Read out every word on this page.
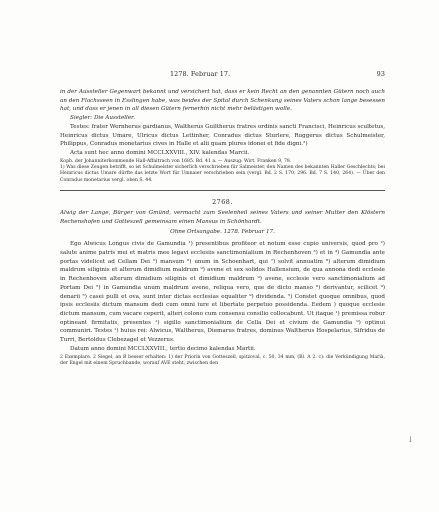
1278. Februar 17.	93

in der Aussteller Gegenwart bekannt und versichert hat, dass er kein Recht an den genannten Gütern noch auch an den Flachsseen in Esslingen habe, was beides der Spital durch Schenkung seines Vaters schon lange besessen hat, und dass er jenen in all diesen Gütern fernerhin nicht mehr belästigen wolle.

Siegler: Die Aussteller.

Testes: frater Wernherus gardianus, Waltherus Guiltherus fratres ordinis sancti Francisci, Heinricus scultetus, Heinricus dictus Umare, Ulricus dictus Lettinher, Conradus dictus Sturlere, Ruggerus dictus Schulmeister, Philippus, Conradus monetarius cives in Halle et alii quam plures idonei et fide digni.²)

Acta sunt hec anno domini MCCLXXVIII., XIV. kalendas Marcii.

Kopb. der Johanniterkommende Hall-Affaltrach von 1685. Bd. 41 a. — Auszug: Wirt. Franken 9, 78.

1) Was diese Zeugen betrifft, so ist Schulmeister sicherlich verschrieben für Salmeister, den Namen des bekannten Haller Geschlechts; bei Heinricus dictus Umare dürfte das letzte Wort für Umnaier verschrieben sein (vergl. Bd. 2 S. 170, 296. Bd. 7 S. 140, 264). — Über den Conradus monetarius vergl. oben S. 44.

2768.

Alwig der Lange, Bürger von Gmünd, vermacht zum Seelenheil seines Vaters und seiner Mutter den Klöstern Rechenshofen und Gotteszell gemeinsam einen Mansus in Schönhardt.

Ohne Ortsangabe. 1278. Februar 17.

Ego Alwicus Longus civis de Gamundia ¹) presentibus profiteor et notum esse cupio universis, quod pro ²) salute anime patris mei et matris mee legavi ecclesiis sanctimonialium in Rechenhoven ³) et in ⁴) Gamundia ante portas videlicet ad Cellam Dei ⁵) mansum ⁶) unum in Schoenhart, qui ⁷) solvit annuatim ⁸) alterum dimidium maldrum siliginis et alterum dimidium maldrum ⁹) avene et sex solidos Hallensium, de qua annona dedi ecclesie in Rechenhoven alterum dimidium siliginis et dimidium maldrum ⁹) avene, ecclesie vero sanctimonialium ad Portam Dei ⁵) in Gamundia unum maldrum avene, reliqua vero, que de dicto manso ⁶) derivantur, scilicet ⁹) denarii ⁵) casei pulli et ova, sunt inter dictas ecclesias equaliter ⁹) dividenda. ⁵) Constet quoque omnibus, quod ipsis ecclesiis dictum mansum dedi cum omni iure et libertate perpetuo possidenda. Eedem ) quoque ecclesie dictum mansum, cum vacare ceperit, alteri colono cum consensu consilio collocabunt. Ut itaque ¹) premissa robur optineant firmitatis, presentes ¹) sigillo sanctimonialium de Cella Dei et civium de Gamundia ⁹) optinui communiri. Testes ¹) huius rei: Alwicus, Waltherus, Diemarus fratres, dominus Waltherus Hospelarius, Sifridus de Turri, Bertoldus Clebezagel et Vezzerus.

Datum anno domini MCCLXXVIII., tertio decimo kalendas Martii.

2 Exemplare. 2 Siegel, an B besser erhalten: 1) der Priorin von Gotteszell, spitzoval, c. 50, 34 mm, (Bl. A 2. c): die Verkündigung Marià, der Engel mit einem Spruchbande, worauf AVE steht, zwischen den

↓
